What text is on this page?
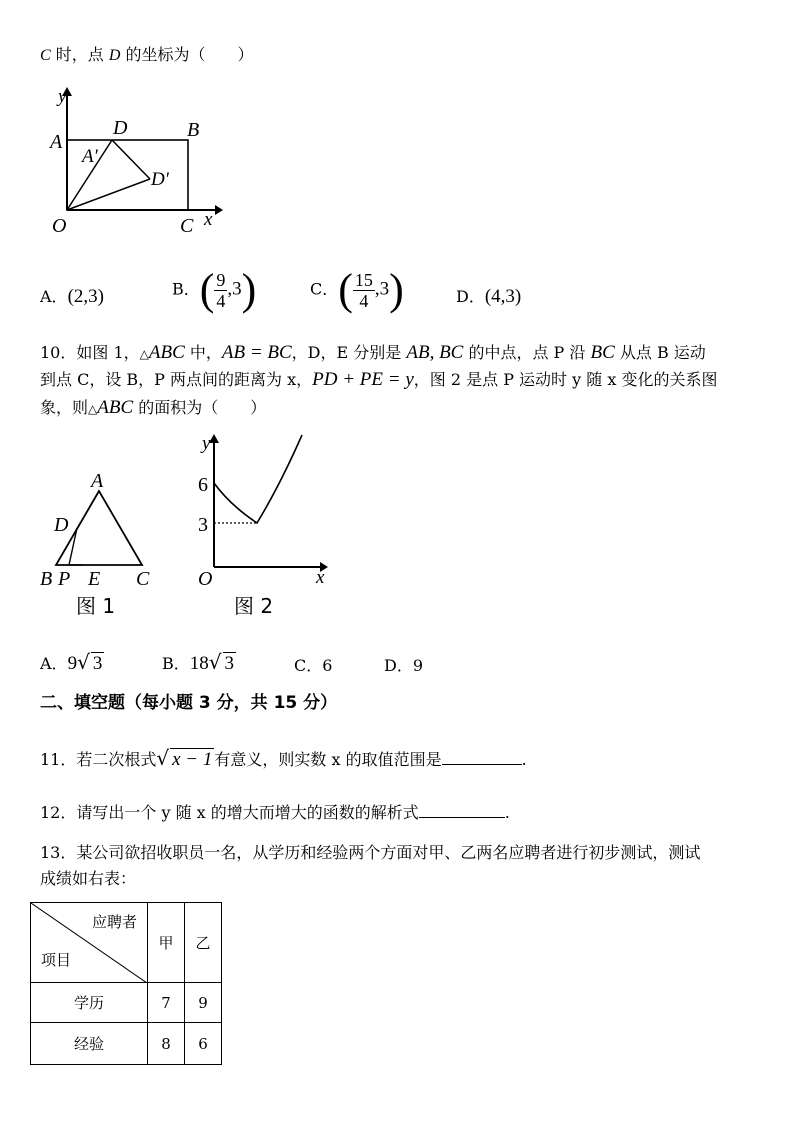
C 时，点 D 的坐标为（　　）
y
x
O
A
D	B
C
A′
D′
A．(2,3)	B．( $\frac{9}{4} ,3$)	C．( $\frac{15}{4} ,3$)	D．(4,3)
10．如图 1，△ABC 中，AB = BC，D，E 分别是 AB, BC 的中点，点 P 沿 BC 从点 B 运动
到点 C，设 B，P 两点间的距离为 x，PD + PE = y，图 2 是点 P 运动时 y 随 x 变化的关系图
象，则△ABC 的面积为（　　）
A
D
B P E C
图 1
y
x
O
6
3
图 2
A．9√ 3	B．18√ 3	C．6	D．9
二、填空题（每小题 3 分，共 15 分）
11．若二次根式√ x − 1 有意义，则实数 x 的取值范围是	.
12．请写出一个 y 随 x 的增大而增大的函数的解析式	.
13．某公司欲招收职员一名，从学历和经验两个方面对甲、乙两名应聘者进行初步测试，测试
成绩如右表：
应聘者
项目	甲	乙
学历	7	9
经验	8	6
